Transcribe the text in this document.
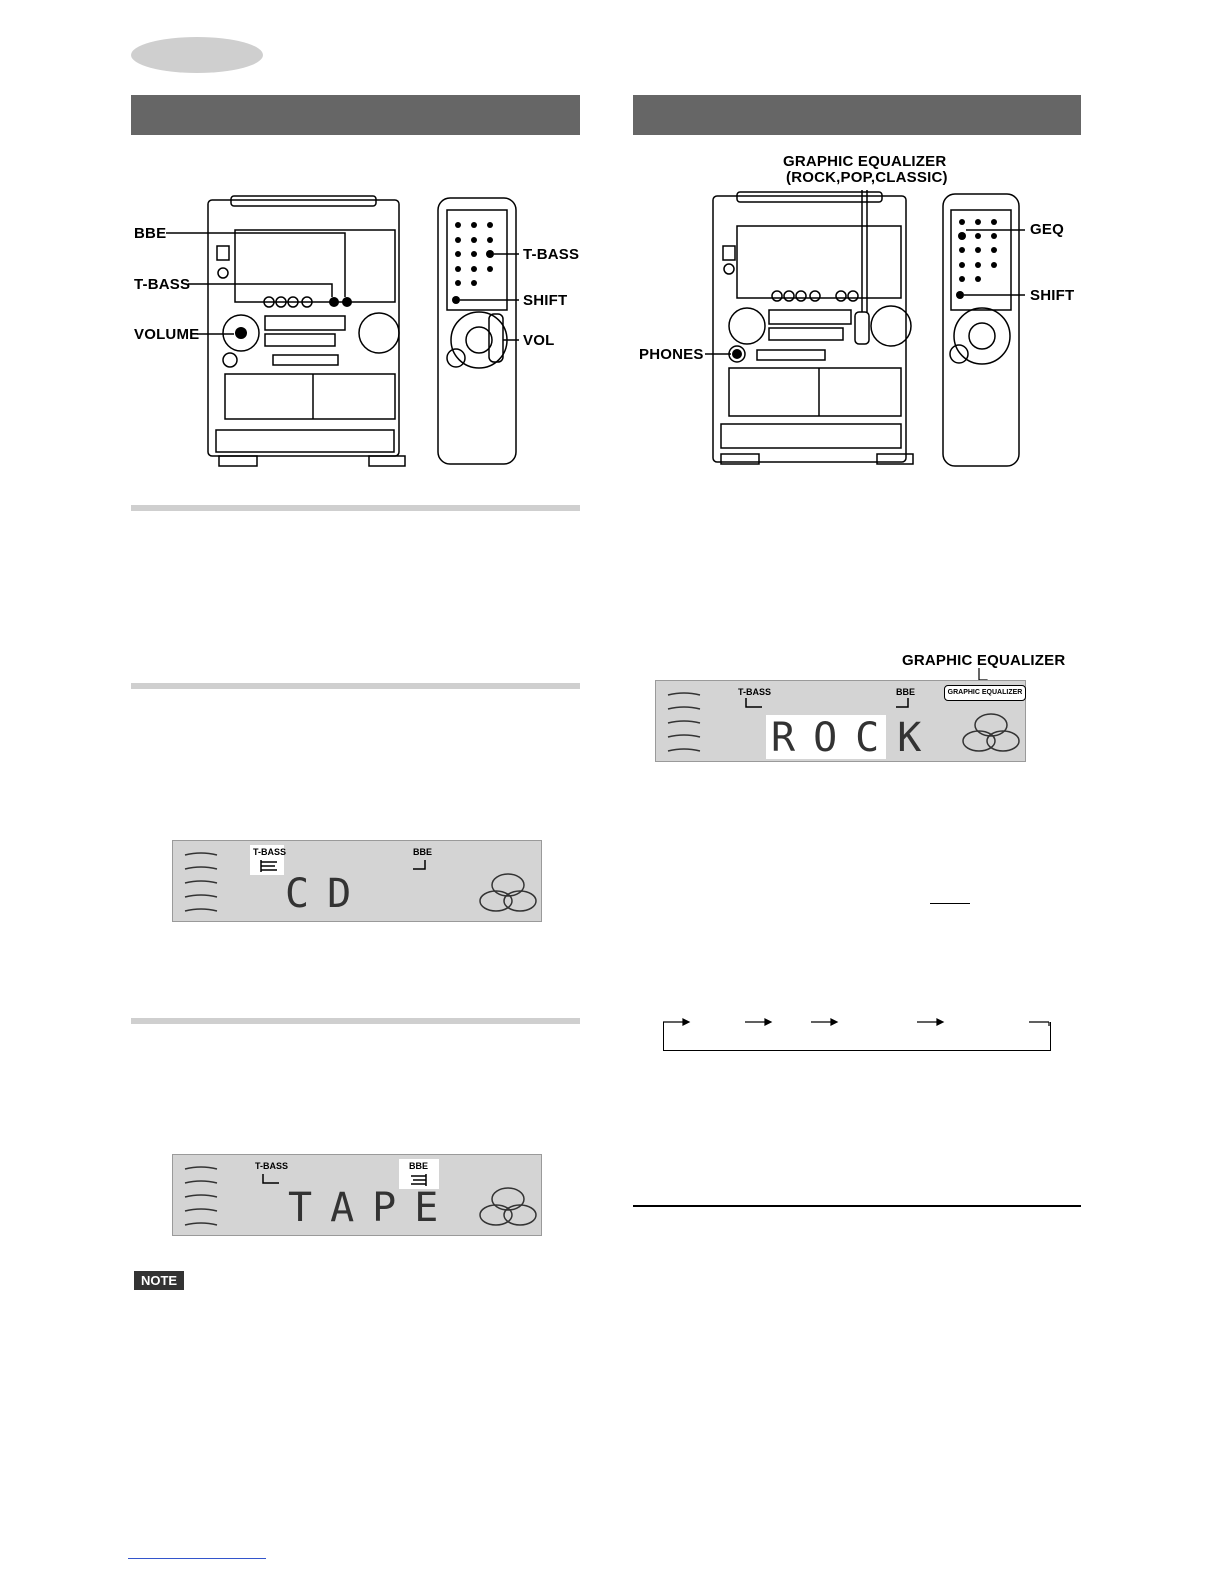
BBE
T-BASS
VOLUME
T-BASS
SHIFT
VOL
GRAPHIC EQUALIZER
(ROCK,POP,CLASSIC)
GEQ
SHIFT
PHONES
T-BASS	BBE
CD
T-BASS	BBE
TAPE
NOTE
GRAPHIC EQUALIZER
T-BASS	BBE	GRAPHIC EQUALIZER
ROCK
